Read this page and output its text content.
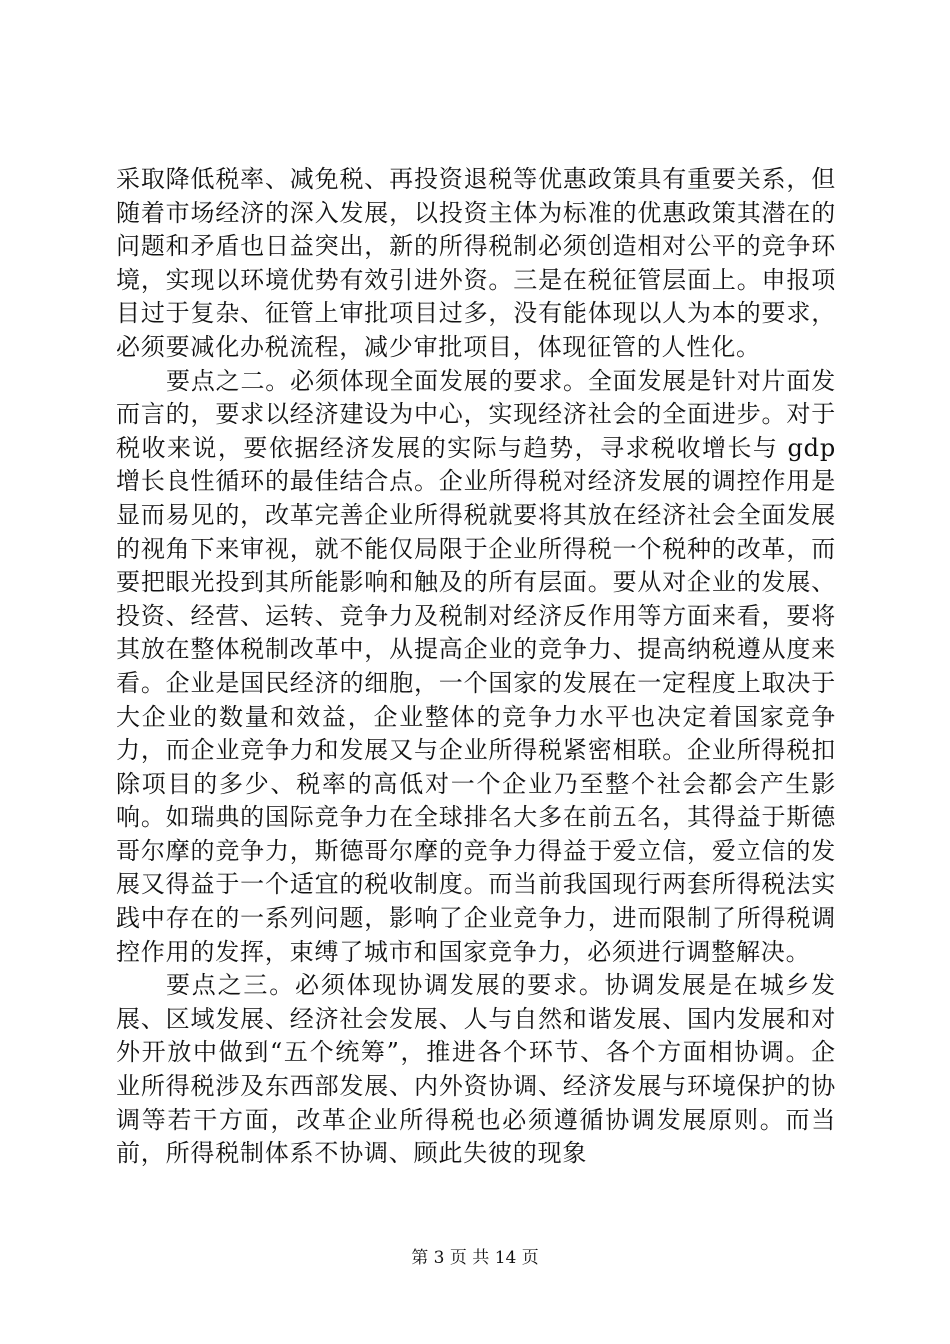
采取降低税率、减免税、再投资退税等优惠政策具有重要关系，但随着市场经济的深入发展，以投资主体为标准的优惠政策其潜在的问题和矛盾也日益突出，新的所得税制必须创造相对公平的竞争环境，实现以环境优势有效引进外资。三是在税征管层面上。申报项目过于复杂、征管上审批项目过多，没有能体现以人为本的要求，必须要减化办税流程，减少审批项目，体现征管的人性化。

要点之二。必须体现全面发展的要求。全面发展是针对片面发而言的，要求以经济建设为中心，实现经济社会的全面进步。对于税收来说，要依据经济发展的实际与趋势，寻求税收增长与 gdp 增长良性循环的最佳结合点。企业所得税对经济发展的调控作用是显而易见的，改革完善企业所得税就要将其放在经济社会全面发展的视角下来审视，就不能仅局限于企业所得税一个税种的改革，而要把眼光投到其所能影响和触及的所有层面。要从对企业的发展、投资、经营、运转、竞争力及税制对经济反作用等方面来看，要将其放在整体税制改革中，从提高企业的竞争力、提高纳税遵从度来看。企业是国民经济的细胞，一个国家的发展在一定程度上取决于大企业的数量和效益，企业整体的竞争力水平也决定着国家竞争力，而企业竞争力和发展又与企业所得税紧密相联。企业所得税扣除项目的多少、税率的高低对一个企业乃至整个社会都会产生影响。如瑞典的国际竞争力在全球排名大多在前五名，其得益于斯德哥尔摩的竞争力，斯德哥尔摩的竞争力得益于爱立信，爱立信的发展又得益于一个适宜的税收制度。而当前我国现行两套所得税法实践中存在的一系列问题，影响了企业竞争力，进而限制了所得税调控作用的发挥，束缚了城市和国家竞争力，必须进行调整解决。

要点之三。必须体现协调发展的要求。协调发展是在城乡发展、区域发展、经济社会发展、人与自然和谐发展、国内发展和对外开放中做到“五个统筹”，推进各个环节、各个方面相协调。企业所得税涉及东西部发展、内外资协调、经济发展与环境保护的协调等若干方面，改革企业所得税也必须遵循协调发展原则。而当前，所得税制体系不协调、顾此失彼的现象

第 3 页 共 14 页
